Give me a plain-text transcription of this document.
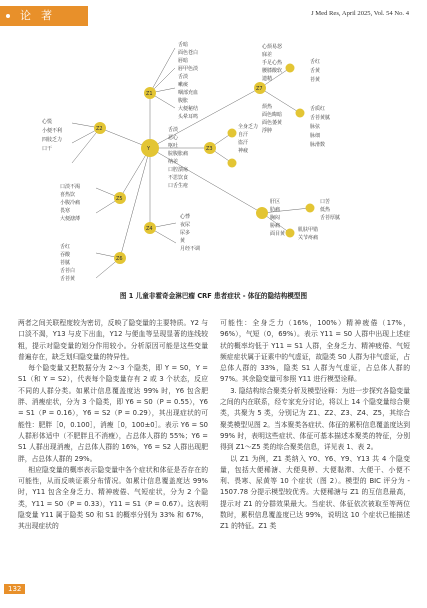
论著	J Med Res, April 2025, Vol. 54 No. 4
Y
Z1
Z2
Z3
Z4
Z5
Z6
Z7
舌暗
面色苍白
唇暗
唇甲色淡
舌淡
嗽痰
咽部充血
腹胀
大便秘结
头晕耳鸣
心慌
小便不利
四肢乏力
口干
舌淡
恶心
呕吐
脘腹胀痛
纳差
口腔溃疡
不思饮食
口舌生疮
全身乏力
自汗
盗汗
神疲
心烦易怒
寐差
手足心热
腰膝酸软
遗精
烦热
面色晦暗
面色萎黄
浮肿
舌红
舌黄
苔黄
舌质红
舌苔黄腻
脉弦
脉细
脉滑数
口苦
低热
舌苔厚腻
肌肤甲错
关节疼痛
肝区
肋痛
胸闷
胁痛
面目黄
口淡不渴
喜热饮
小腹冷痛
畏寒
大便溏薄	心悸
夜尿
尿多
黄
月经不调
舌红
吞酸
苔腻
舌苔白
舌苔黄
图 1 儿童非霍奇金淋巴瘤 CRF 患者症状 - 体征的隐结构模型图

两者之间关联程度较为密切，反映了隐变量的主要特质。Y2 与口淡不渴，Y13 与皮下出血，Y12 与便血等呈现显著的连线较粗，提示对隐变量的划分作用较小。分析原因可能是这些变量普遍存在，缺乏划归隐变量的特异性。

每个隐变量又把数据分为 2～3 个隐类，即 Y = S0，Y = S1（和 Y = S2），代表每个隐变量存有 2 或 3 个状态，反应不同的人群分类。如累计信息覆盖度达 99% 时，Y6 包含肥胖、消瘦症状，分为 3 个隐类，即 Y6 = S0（P = 0.55），Y6 = S1（P = 0.16），Y6 = S2（P = 0.29），其出现症状的可能性：肥胖［0，0.100］，消瘦［0，100±0］。表示 Y6 = S0 人群形体适中（不肥胖且不消瘦），占总体人群的 55%；Y6 = S1 人群出现消瘦，占总体人群的 16%，Y6 = S2 人群出现肥胖，占总体人群的 29%。

相应隐变量的概率表示隐变量中各个症状和体征是否存在的可能性，从而反映证素分布情况。如累计信息覆盖度达 99% 时，Y11 包含全身乏力、精神疲倦、气短症状，分为 2 个隐类，Y11 = S0（P = 0.33），Y11 = S1（P = 0.67）。这表明隐变量 Y11 属于隐类 S0 和 S1 的概率分别为 33% 和 67%，其出现症状的

可能性：全身乏力（16%，100%）精神疲倦（17%，96%），气短（0，69%）。表示 Y11 = S0 人群中出现上述症状的概率均低于 Y11 = S1 人群，全身乏力、精神疲倦、气短频症症状属于证素中的气虚证，故隐类 S0 人群为非气虚证，占总体人群的 33%，隐类 S1 人群为气虚证，占总体人群的 97%。其余隐变量可参照 Y11 进行模型诠释。

3. 隐结构综合聚类分析及模型诠释：为进一步探究各隐变量之间的内在联系，经专家充分讨论，将以上 14 个隐变量综合聚类，共聚为 5 类，分别记为 Z1、Z2、Z3、Z4、Z5，其综合聚类模型见图 2。当本聚类各症状、体征的累积信息覆盖度达到 99% 时，表明这些症状、体征可基本描述本聚类的特征，分别得到 Z1～Z5 类的综合聚类信息，详见表 1、表 2。

以 Z1 为例，Z1 类纳入 Y0、Y6、Y9、Y13 共 4 个隐变量，包括大便稀溏、大便臭秽、大便黏滞、大便干、小便不利、畏寒、尿黄等 10 个症状（图 2）。模型的 BIC 评分为 - 1507.78 分提示模型较优秀。大便稀溏与 Z1 的互信息最高，提示对 Z1 的分群效果最大。当症状、体征依次被取至等两位数时，累积信息覆盖度已达 99%，说明这 10 个症状已能描述 Z1 的特征。Z1 类

132
